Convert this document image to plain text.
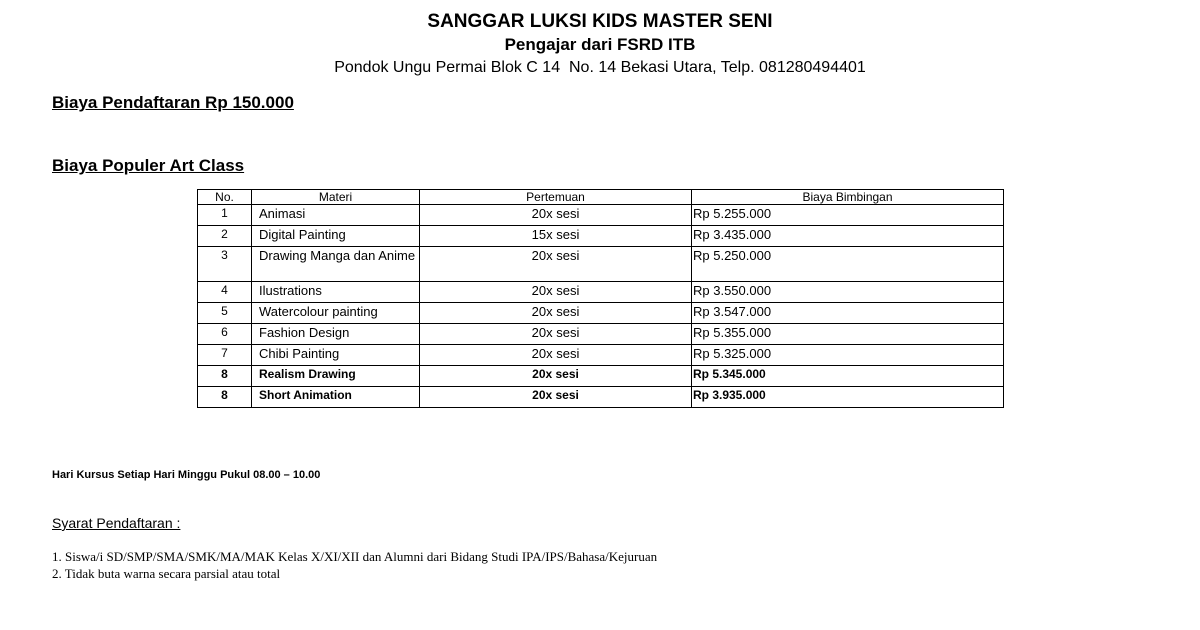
SANGGAR LUKSI KIDS MASTER SENI
Pengajar dari FSRD ITB
Pondok Ungu Permai Blok C 14  No. 14 Bekasi Utara, Telp. 081280494401
Biaya Pendaftaran Rp 150.000
Biaya Populer Art Class
No.	Materi	Pertemuan	Biaya Bimbingan
1	Animasi	20x sesi	Rp 5.255.000
2	Digital Painting	15x sesi	Rp 3.435.000
3	Drawing Manga dan Anime	20x sesi	Rp 5.250.000
4	Ilustrations	20x sesi	Rp 3.550.000
5	Watercolour painting	20x sesi	Rp 3.547.000
6	Fashion Design	20x sesi	Rp 5.355.000
7	Chibi Painting	20x sesi	Rp 5.325.000
8	Realism Drawing	20x sesi	Rp 5.345.000
8	Short Animation	20x sesi	Rp 3.935.000
Hari Kursus Setiap Hari Minggu Pukul 08.00 – 10.00
Syarat Pendaftaran :
1. Siswa/i SD/SMP/SMA/SMK/MA/MAK Kelas X/XI/XII dan Alumni dari Bidang Studi IPA/IPS/Bahasa/Kejuruan
2. Tidak buta warna secara parsial atau total
